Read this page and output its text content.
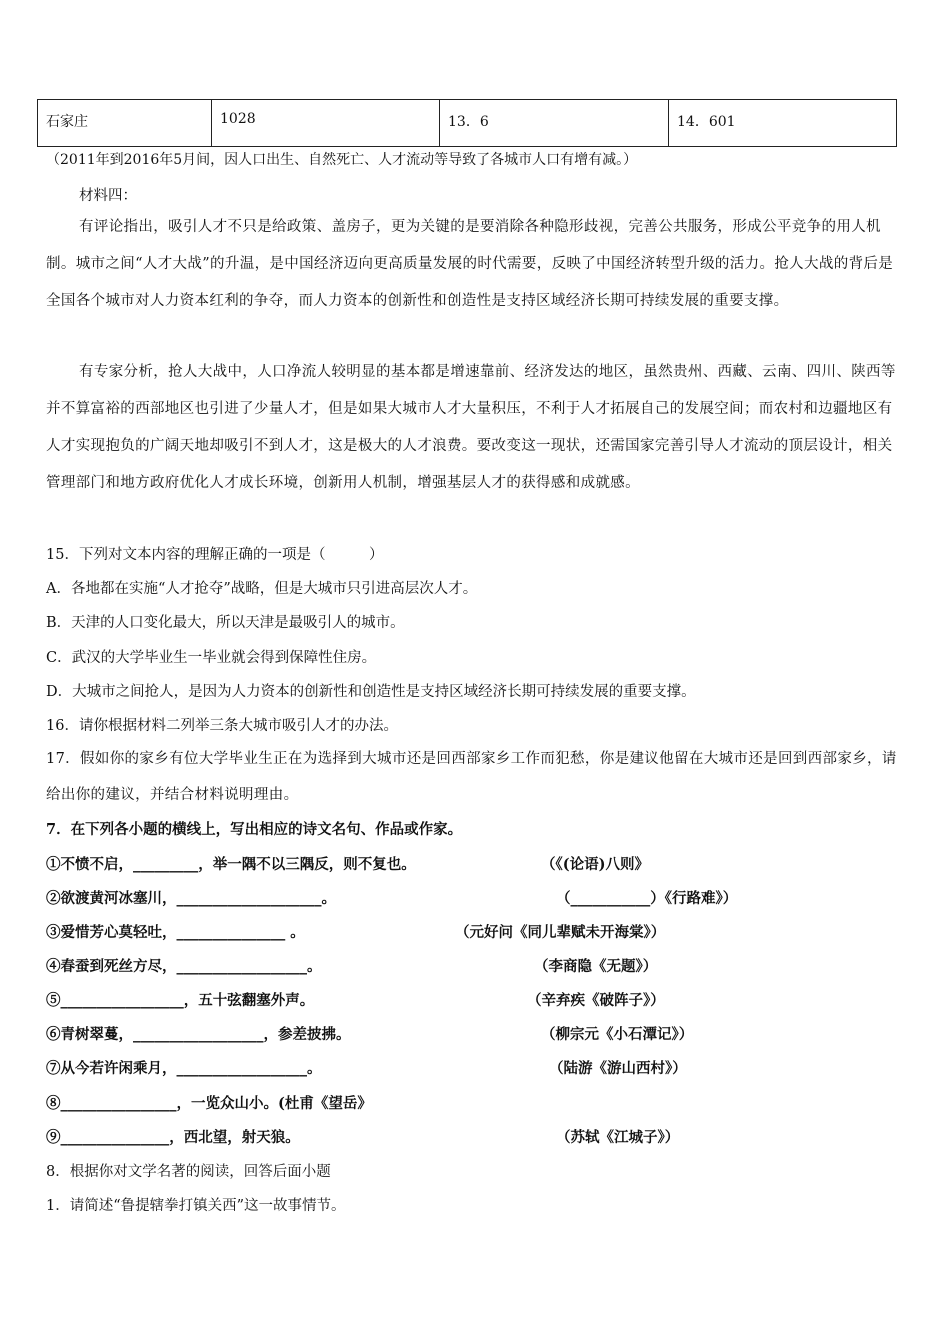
石家庄	1028	13．6	14．601
（2011年到2016年5月间，因人口出生、自然死亡、人才流动等导致了各城市人口有增有减。）
材料四：
有评论指出，吸引人才不只是给政策、盖房子，更为关键的是要消除各种隐形歧视，完善公共服务，形成公平竞争的用人机制。城市之间“人才大战”的升温，是中国经济迈向更高质量发展的时代需要，反映了中国经济转型升级的活力。抢人大战的背后是全国各个城市对人力资本红利的争夺，而人力资本的创新性和创造性是支持区域经济长期可持续发展的重要支撑。
有专家分析，抢人大战中，人口净流人较明显的基本都是增速靠前、经济发达的地区，虽然贵州、西藏、云南、四川、陕西等并不算富裕的西部地区也引进了少量人才，但是如果大城市人才大量积压，不利于人才拓展自己的发展空间；而农村和边疆地区有人才实现抱负的广阔天地却吸引不到人才，这是极大的人才浪费。要改变这一现状，还需国家完善引导人才流动的顶层设计，相关管理部门和地方政府优化人才成长环境，创新用人机制，增强基层人才的获得感和成就感。
15．下列对文本内容的理解正确的一项是（　　　）
A．各地都在实施“人才抢夺”战略，但是大城市只引进高层次人才。
B．天津的人口变化最大，所以天津是最吸引人的城市。
C．武汉的大学毕业生一毕业就会得到保障性住房。
D．大城市之间抢人，是因为人力资本的创新性和创造性是支持区域经济长期可持续发展的重要支撑。
16．请你根据材料二列举三条大城市吸引人才的办法。
17．假如你的家乡有位大学毕业生正在为选择到大城市还是回西部家乡工作而犯愁，你是建议他留在大城市还是回到西部家乡，请给出你的建议，并结合材料说明理由。
7．在下列各小题的横线上，写出相应的诗文名句、作品或作家。
①不愤不启，_________，举一隅不以三隅反，则不复也。	（《(论语)八则》
②欲渡黄河冰塞川，____________________。	（___________）《行路难》）
③爱惜芳心莫轻吐，_______________ 。	（元好问《同儿辈赋未开海棠》）
④春蚕到死丝方尽，__________________。	（李商隐《无题》）
⑤_________________，五十弦翻塞外声。	（辛弃疾《破阵子》）
⑥青树翠蔓，__________________，参差披拂。	（柳宗元《小石潭记》）
⑦从今若许闲乘月，__________________。	（陆游《游山西村》）
⑧________________，一览众山小。(杜甫《望岳》
⑨_______________，西北望，射天狼。	（苏轼《江城子》）
8．根据你对文学名著的阅读，回答后面小题
1．请简述“鲁提辖拳打镇关西”这一故事情节。
